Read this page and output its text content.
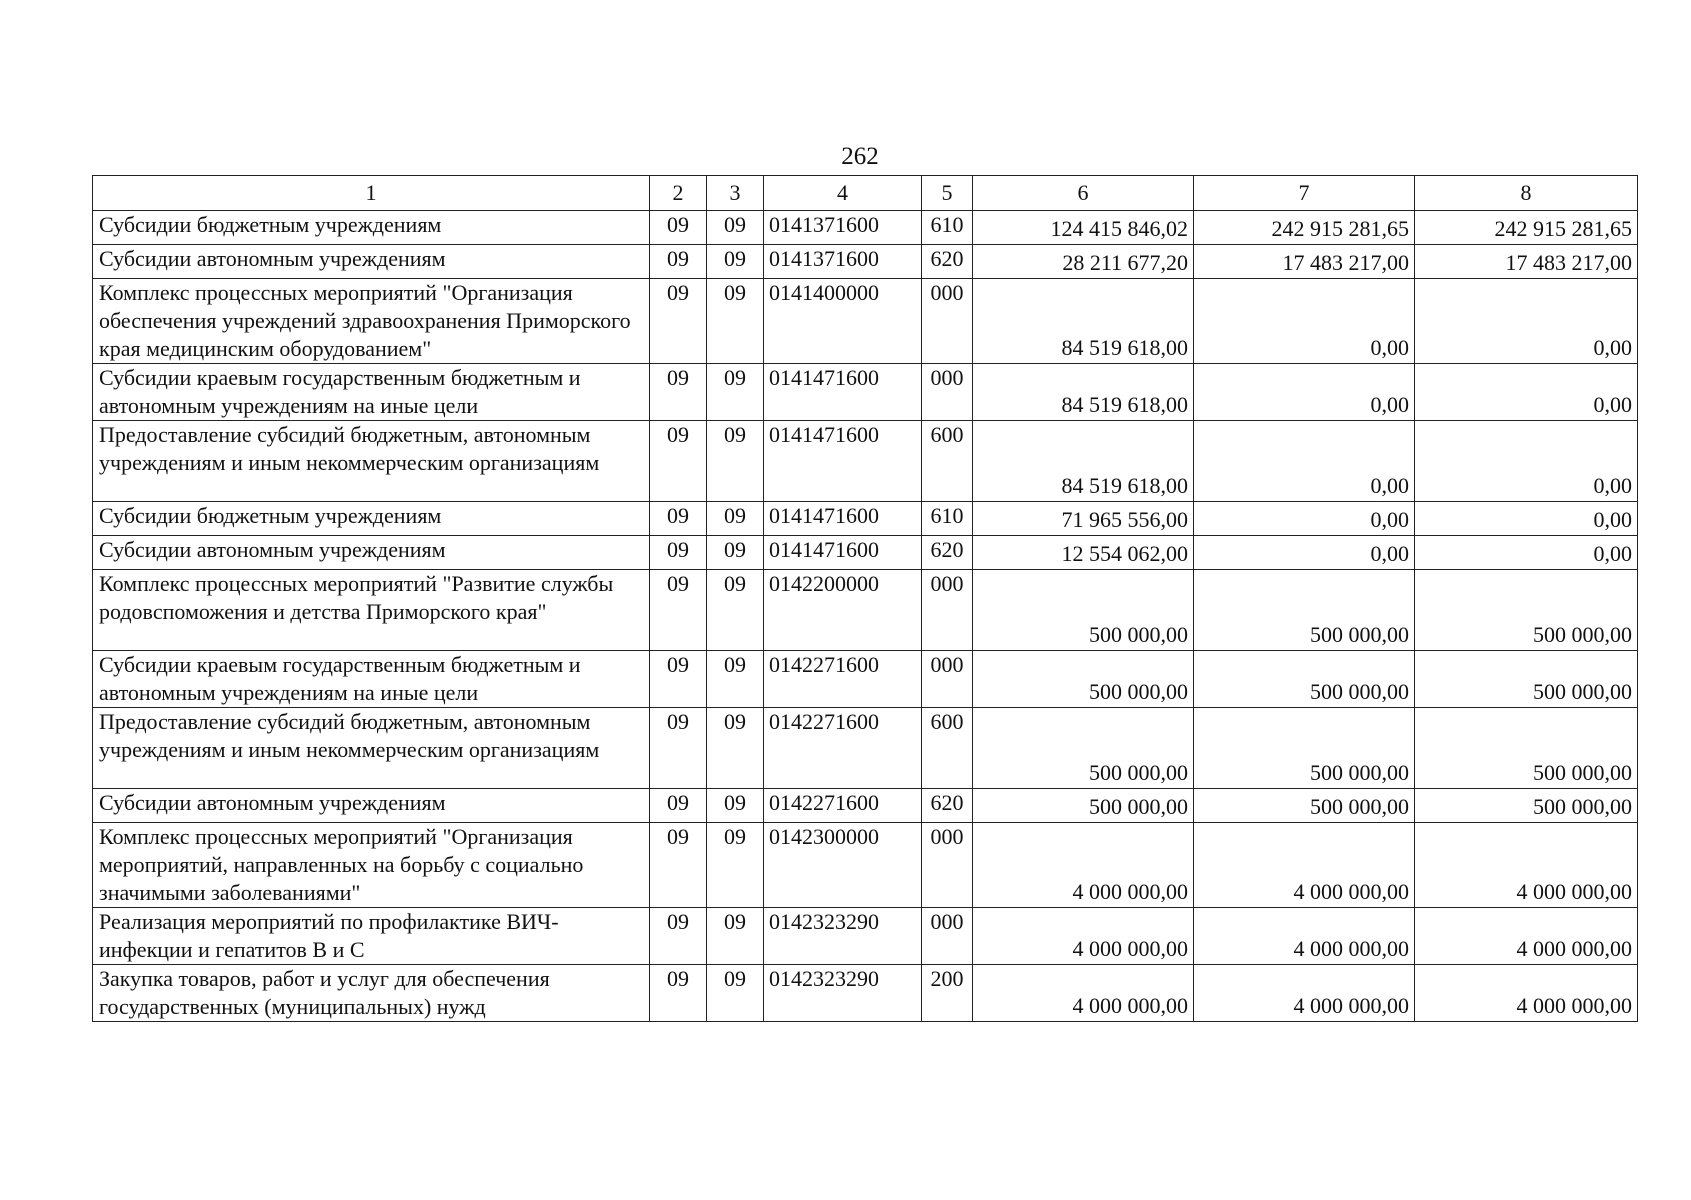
262
1	2	3	4	5	6	7	8
Субсидии бюджетным учреждениям	09	09	0141371600	610	124 415 846,02	242 915 281,65	242 915 281,65
Субсидии автономным учреждениям	09	09	0141371600	620	28 211 677,20	17 483 217,00	17 483 217,00
Комплекс процессных мероприятий "Организация обеспечения учреждений здравоохранения Приморского края медицинским оборудованием"	09	09	0141400000	000	84 519 618,00	0,00	0,00
Субсидии краевым государственным бюджетным и автономным учреждениям на иные цели	09	09	0141471600	000	84 519 618,00	0,00	0,00
Предоставление субсидий бюджетным, автономным учреждениям и иным некоммерческим организациям	09	09	0141471600	600	84 519 618,00	0,00	0,00
Субсидии бюджетным учреждениям	09	09	0141471600	610	71 965 556,00	0,00	0,00
Субсидии автономным учреждениям	09	09	0141471600	620	12 554 062,00	0,00	0,00
Комплекс процессных мероприятий "Развитие службы родовспоможения и детства Приморского края"	09	09	0142200000	000	500 000,00	500 000,00	500 000,00
Субсидии краевым государственным бюджетным и автономным учреждениям на иные цели	09	09	0142271600	000	500 000,00	500 000,00	500 000,00
Предоставление субсидий бюджетным, автономным учреждениям и иным некоммерческим организациям	09	09	0142271600	600	500 000,00	500 000,00	500 000,00
Субсидии автономным учреждениям	09	09	0142271600	620	500 000,00	500 000,00	500 000,00
Комплекс процессных мероприятий "Организация мероприятий, направленных на борьбу с социально значимыми заболеваниями"	09	09	0142300000	000	4 000 000,00	4 000 000,00	4 000 000,00
Реализация мероприятий по профилактике ВИЧ-инфекции и гепатитов В и С	09	09	0142323290	000	4 000 000,00	4 000 000,00	4 000 000,00
Закупка товаров, работ и услуг для обеспечения государственных (муниципальных) нужд	09	09	0142323290	200	4 000 000,00	4 000 000,00	4 000 000,00
